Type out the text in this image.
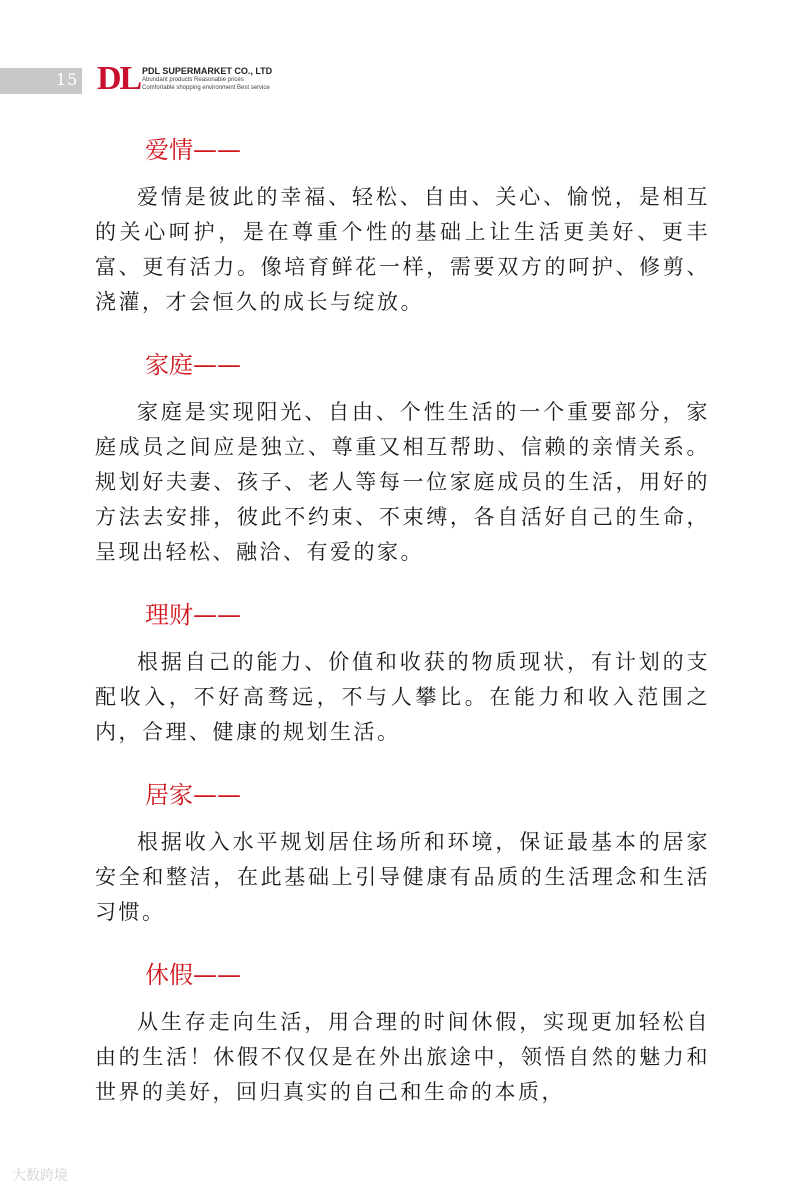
15 DL PDL SUPERMARKET CO., LTD
Abundant products Reasonable prices
Comfortable shopping environment Best service
爱情——

爱情是彼此的幸福、轻松、自由、关心、愉悦，是相互的关心呵护，是在尊重个性的基础上让生活更美好、更丰富、更有活力。像培育鲜花一样，需要双方的呵护、修剪、浇灌，才会恒久的成长与绽放。

家庭——

家庭是实现阳光、自由、个性生活的一个重要部分，家庭成员之间应是独立、尊重又相互帮助、信赖的亲情关系。规划好夫妻、孩子、老人等每一位家庭成员的生活，用好的方法去安排，彼此不约束、不束缚，各自活好自己的生命，呈现出轻松、融洽、有爱的家。

理财——

根据自己的能力、价值和收获的物质现状，有计划的支配收入，不好高骛远，不与人攀比。在能力和收入范围之内，合理、健康的规划生活。

居家——

根据收入水平规划居住场所和环境，保证最基本的居家安全和整洁，在此基础上引导健康有品质的生活理念和生活习惯。

休假——

从生存走向生活，用合理的时间休假，实现更加轻松自由的生活！休假不仅仅是在外出旅途中，领悟自然的魅力和世界的美好，回归真实的自己和生命的本质，

大数跨境
